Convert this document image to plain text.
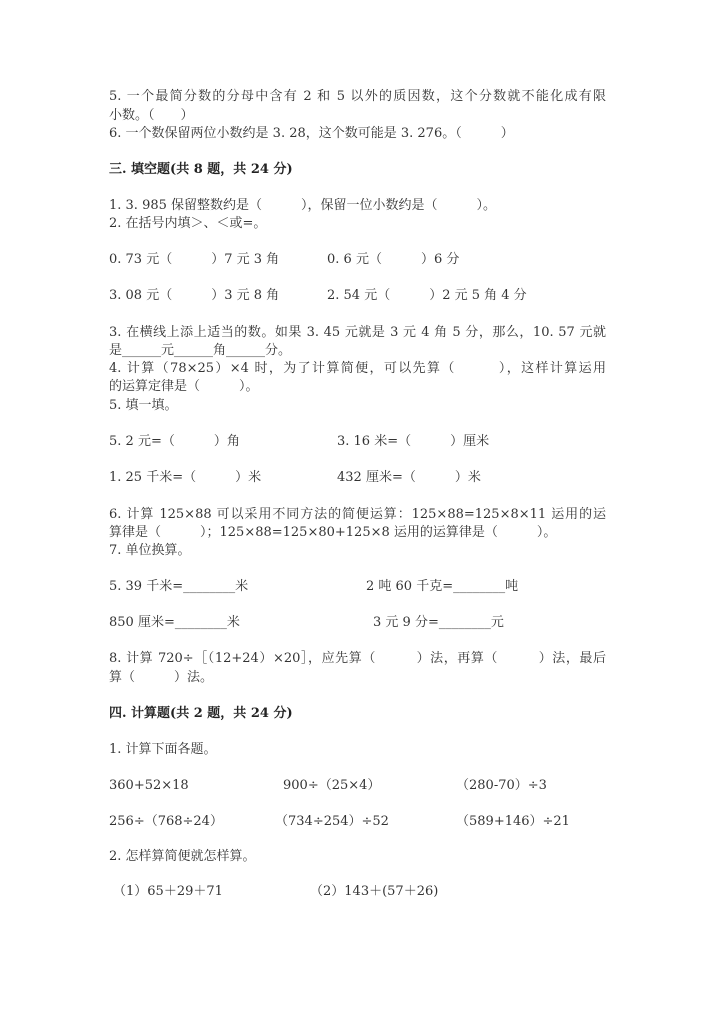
5. 一个最简分数的分母中含有 2 和 5 以外的质因数，这个分数就不能化成有限
小数。（　　）
6. 一个数保留两位小数约是 3. 28，这个数可能是 3. 276。（　　　）
三. 填空题(共 8 题，共 24 分)
1. 3. 985 保留整数约是（　　　），保留一位小数约是（　　　）。
2. 在括号内填＞、＜或=。
0. 73 元（　　　）7 元 3 角	0. 6 元（　　　）6 分
3. 08 元（　　　）3 元 8 角	2. 54 元（　　　）2 元 5 角 4 分
3. 在横线上添上适当的数。如果 3. 45 元就是 3 元 4 角 5 分，那么，10. 57 元就
是______元______角______分。
4. 计算（78×25）×4 时，为了计算简便，可以先算（　　　），这样计算运用
的运算定律是（　　　）。
5. 填一填。
5. 2 元=（　　　）角	3. 16 米=（　　　）厘米
1. 25 千米=（　　　）米	432 厘米=（　　　）米
6. 计算 125×88 可以采用不同方法的简便运算：125×88=125×8×11 运用的运
算律是（　　　）；125×88=125×80+125×8 运用的运算律是（　　　）。
7. 单位换算。
5. 39 千米=________米	2 吨 60 千克=________吨
850 厘米=________米	3 元 9 分=________元
8. 计算 720÷［（12+24）×20］，应先算（　　　）法，再算（　　　）法，最后
算（　　　）法。
四. 计算题(共 2 题，共 24 分)
1. 计算下面各题。
360+52×18	900÷（25×4）	（280-70）÷3
256÷（768÷24）	（734÷254）÷52	（589+146）÷21
2. 怎样算简便就怎样算。
（1）65＋29＋71	（2）143＋(57＋26)
